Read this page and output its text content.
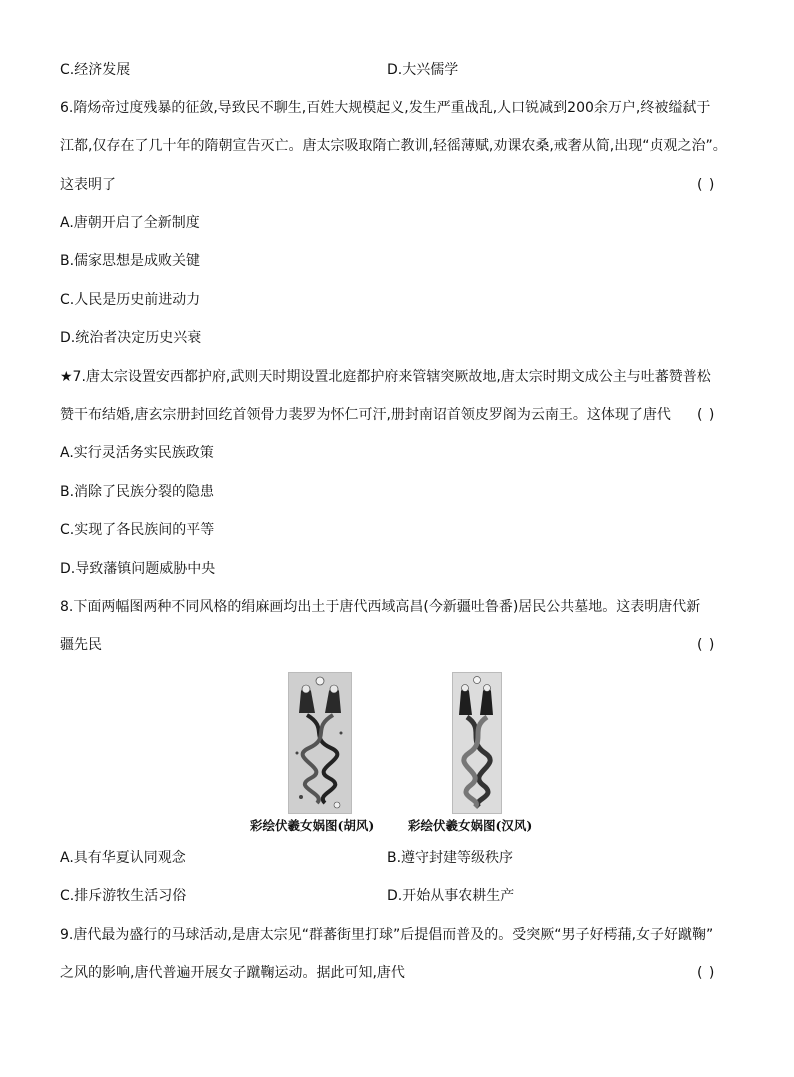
C.经济发展	D.大兴儒学
6.隋炀帝过度残暴的征敛,导致民不聊生,百姓大规模起义,发生严重战乱,人口锐减到200余万户,终被缢弑于
江都,仅存在了几十年的隋朝宣告灭亡。唐太宗吸取隋亡教训,轻徭薄赋,劝课农桑,戒奢从简,出现“贞观之治”。
这表明了	( )
A.唐朝开启了全新制度
B.儒家思想是成败关键
C.人民是历史前进动力
D.统治者决定历史兴衰
★7.唐太宗设置安西都护府,武则天时期设置北庭都护府来管辖突厥故地,唐太宗时期文成公主与吐蕃赞普松
赞干布结婚,唐玄宗册封回纥首领骨力裴罗为怀仁可汗,册封南诏首领皮罗阁为云南王。这体现了唐代 ( )
A.实行灵活务实民族政策
B.消除了民族分裂的隐患
C.实现了各民族间的平等
D.导致藩镇问题威胁中央
8.下面两幅图两种不同风格的绢麻画均出土于唐代西域高昌(今新疆吐鲁番)居民公共墓地。这表明唐代新
疆先民	( )
彩绘伏羲女娲图(胡风)	彩绘伏羲女娲图(汉风)
A.具有华夏认同观念	B.遵守封建等级秩序
C.排斥游牧生活习俗	D.开始从事农耕生产
9.唐代最为盛行的马球活动,是唐太宗见“群蕃街里打球”后提倡而普及的。受突厥“男子好樗蒱,女子好蹴鞠”
之风的影响,唐代普遍开展女子蹴鞠运动。据此可知,唐代	( )
